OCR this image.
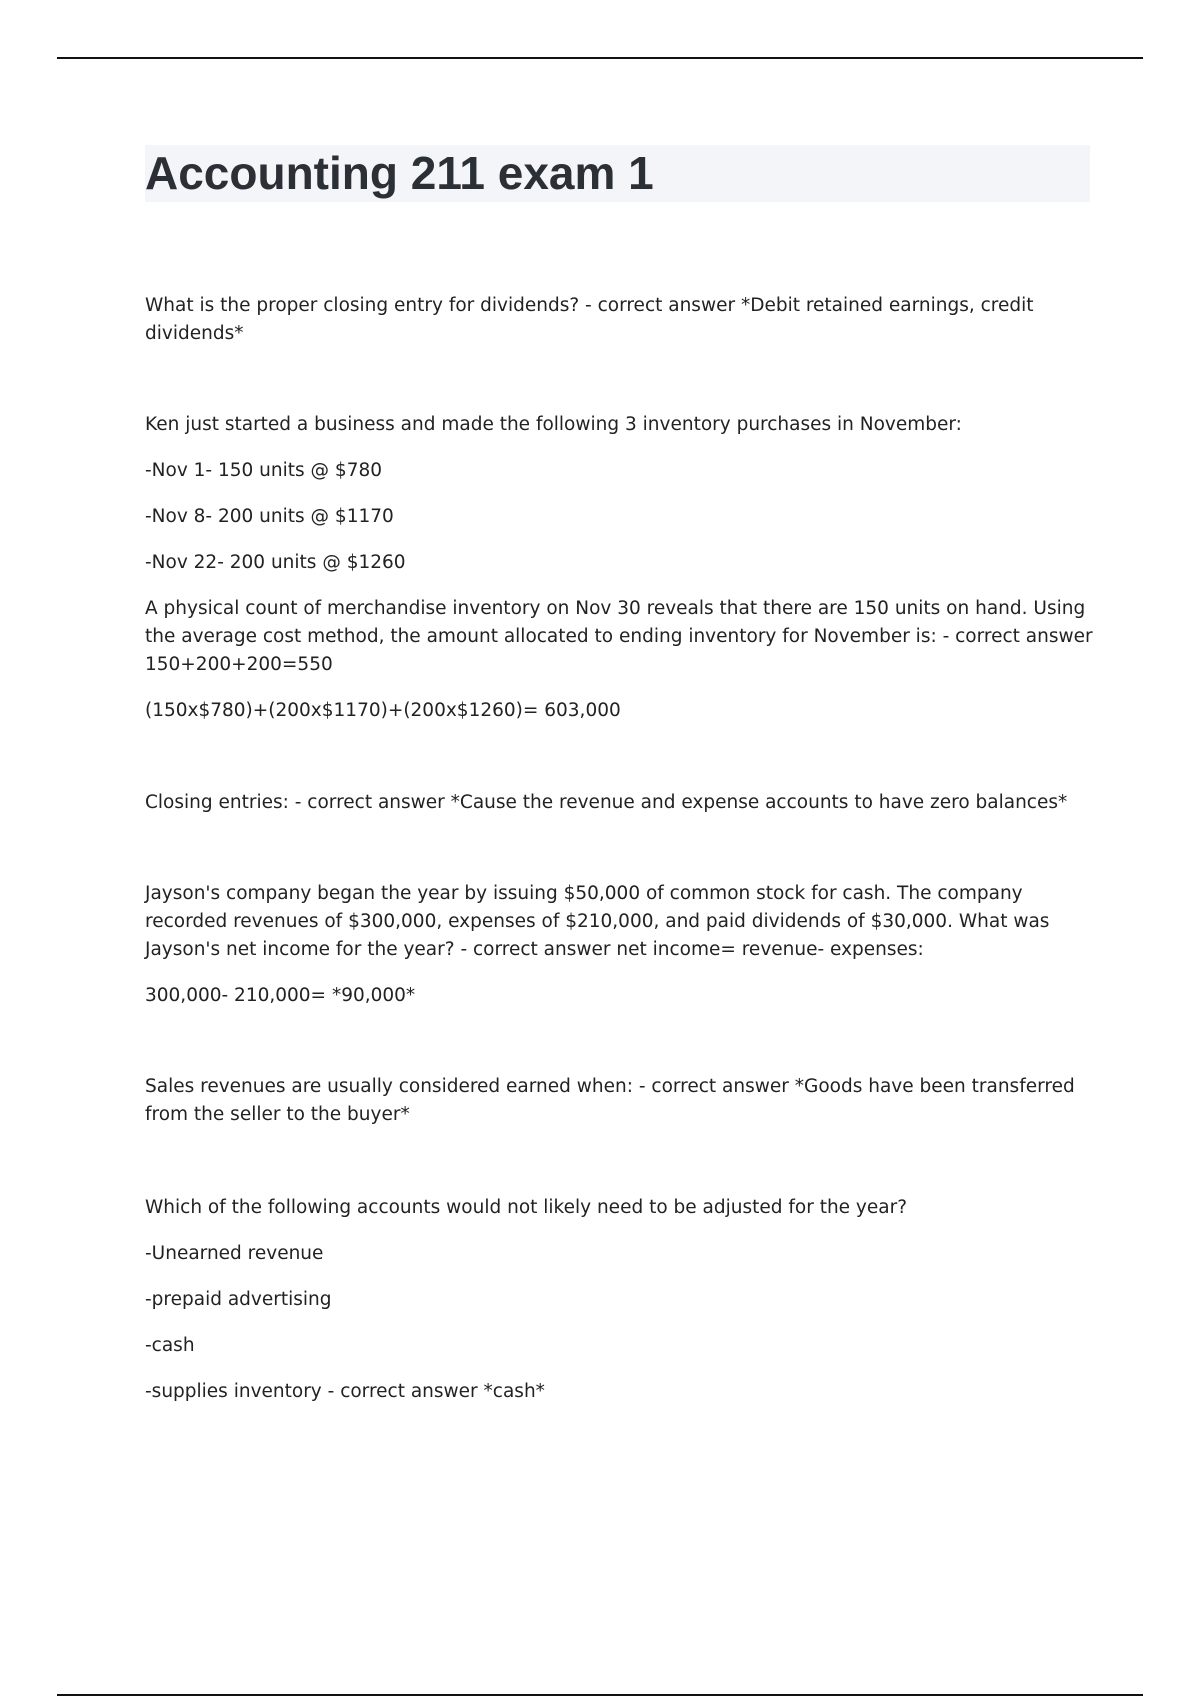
Accounting 211 exam 1

What is the proper closing entry for dividends? - correct answer *Debit retained earnings, credit dividends*

Ken just started a business and made the following 3 inventory purchases in November:

-Nov 1- 150 units @ $780

-Nov 8- 200 units @ $1170

-Nov 22- 200 units @ $1260

A physical count of merchandise inventory on Nov 30 reveals that there are 150 units on hand. Using the average cost method, the amount allocated to ending inventory for November is: - correct answer 150+200+200=550

(150x$780)+(200x$1170)+(200x$1260)= 603,000

Closing entries: - correct answer *Cause the revenue and expense accounts to have zero balances*

Jayson's company began the year by issuing $50,000 of common stock for cash. The company recorded revenues of $300,000, expenses of $210,000, and paid dividends of $30,000. What was Jayson's net income for the year? - correct answer net income= revenue- expenses:

300,000- 210,000= *90,000*

Sales revenues are usually considered earned when: - correct answer *Goods have been transferred from the seller to the buyer*

Which of the following accounts would not likely need to be adjusted for the year?

-Unearned revenue

-prepaid advertising

-cash

-supplies inventory - correct answer *cash*
